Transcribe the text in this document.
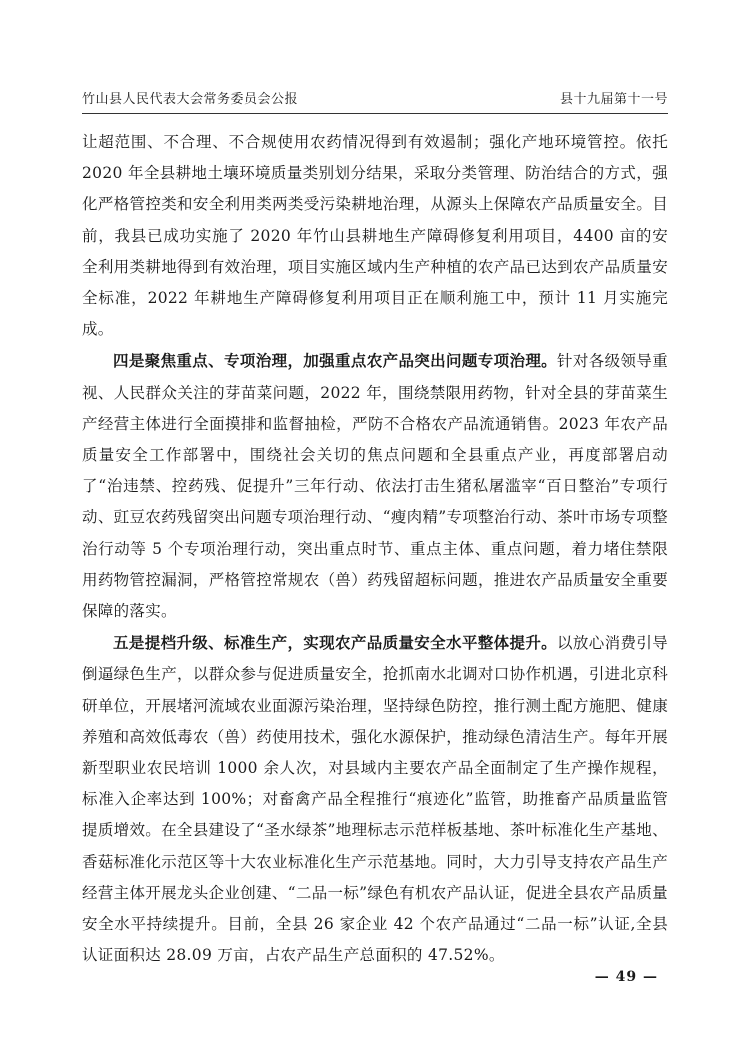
竹山县人民代表大会常务委员会公报	县十九届第十一号

让超范围、不合理、不合规使用农药情况得到有效遏制；强化产地环境管控。依托 2020 年全县耕地土壤环境质量类别划分结果，采取分类管理、防治结合的方式，强化严格管控类和安全利用类两类受污染耕地治理，从源头上保障农产品质量安全。目前，我县已成功实施了 2020 年竹山县耕地生产障碍修复利用项目，4400 亩的安全利用类耕地得到有效治理，项目实施区域内生产种植的农产品已达到农产品质量安全标准，2022 年耕地生产障碍修复利用项目正在顺利施工中，预计 11 月实施完成。

四是聚焦重点、专项治理，加强重点农产品突出问题专项治理。针对各级领导重视、人民群众关注的芽苗菜问题，2022 年，围绕禁限用药物，针对全县的芽苗菜生产经营主体进行全面摸排和监督抽检，严防不合格农产品流通销售。2023 年农产品质量安全工作部署中，围绕社会关切的焦点问题和全县重点产业，再度部署启动了“治违禁、控药残、促提升”三年行动、依法打击生猪私屠滥宰“百日整治”专项行动、豇豆农药残留突出问题专项治理行动、“瘦肉精”专项整治行动、茶叶市场专项整治行动等 5 个专项治理行动，突出重点时节、重点主体、重点问题，着力堵住禁限用药物管控漏洞，严格管控常规农（兽）药残留超标问题，推进农产品质量安全重要保障的落实。

五是提档升级、标准生产，实现农产品质量安全水平整体提升。以放心消费引导倒逼绿色生产，以群众参与促进质量安全，抢抓南水北调对口协作机遇，引进北京科研单位，开展堵河流域农业面源污染治理，坚持绿色防控，推行测土配方施肥、健康养殖和高效低毒农（兽）药使用技术，强化水源保护，推动绿色清洁生产。每年开展新型职业农民培训 1000 余人次，对县域内主要农产品全面制定了生产操作规程，标准入企率达到 100%；对畜禽产品全程推行“痕迹化”监管，助推畜产品质量监管提质增效。在全县建设了“圣水绿茶”地理标志示范样板基地、茶叶标准化生产基地、香菇标准化示范区等十大农业标准化生产示范基地。同时，大力引导支持农产品生产经营主体开展龙头企业创建、“二品一标”绿色有机农产品认证，促进全县农产品质量安全水平持续提升。目前，全县 26 家企业 42 个农产品通过“二品一标”认证,全县认证面积达 28.09 万亩，占农产品生产总面积的 47.52%。

— 49 —
